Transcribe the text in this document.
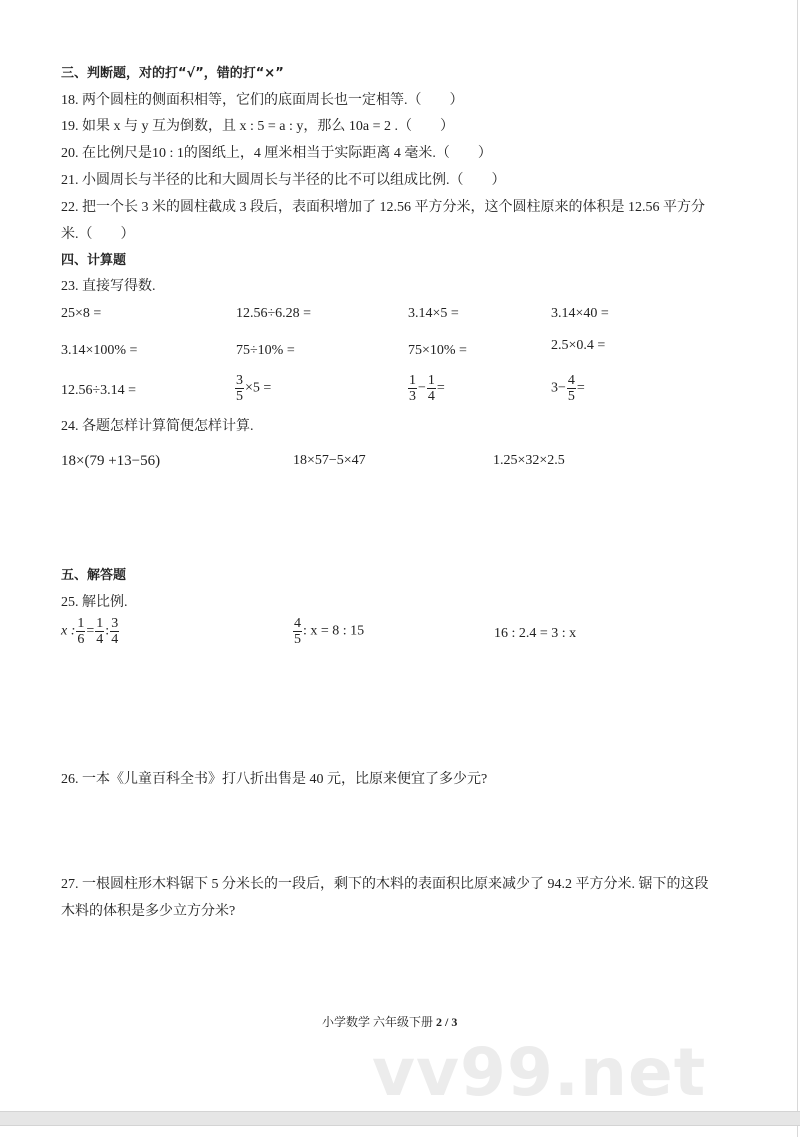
三、判断题，对的打“√”，错的打“×”
18. 两个圆柱的侧面积相等，它们的底面周长也一定相等.（　　）
19. 如果 x 与 y 互为倒数，且 x : 5 = a : y，那么 10a = 2 .（　　）
20. 在比例尺是10 : 1的图纸上，4 厘米相当于实际距离 4 毫米.（　　）
21. 小圆周长与半径的比和大圆周长与半径的比不可以组成比例.（　　）
22. 把一个长 3 米的圆柱截成 3 段后，表面积增加了 12.56 平方分米，这个圆柱原来的体积是 12.56 平方分
米.（　　）
四、计算题
23. 直接写得数.
25×8 =	12.56÷6.28 =	3.14×5 =	3.14×40 =
3.14×100% =	75÷10% =	75×10% =	2.5×0.4 =
12.56÷3.14 =	$\frac{3}{5} \times 5$ =	$\frac{1}{3} - \frac{1}{4}$ =	$3- \frac{4}{5}$ =
24. 各题怎样计算简便怎样计算.
18×(79 +13−56)	18×57−5×47	1.25×32×2.5
五、解答题
25. 解比例.
x : $\frac{1}{6} = \frac{1}{4}$ : $\frac{3}{4}$	$\frac{4}{5}$ : x = 8 : 15	16 : 2.4 = 3 : x
26. 一本《儿童百科全书》打八折出售是 40 元，比原来便宜了多少元?
27. 一根圆柱形木料锯下 5 分米长的一段后，剩下的木料的表面积比原来减少了 94.2 平方分米. 锯下的这段
木料的体积是多少立方分米?
小学数学 六年级下册 2 / 3
vv99.net
